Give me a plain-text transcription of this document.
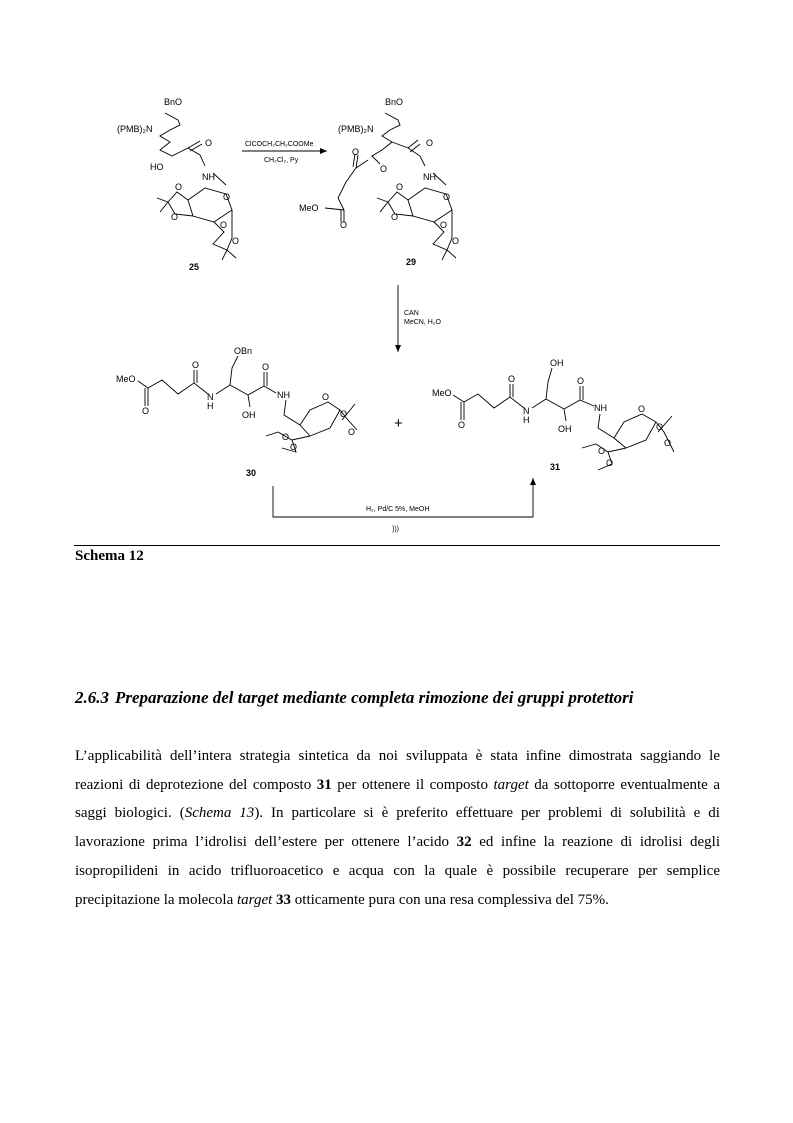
BnO
(PMB)₂N
O
HO
NH
O
O
O
O
O
25
ClCOCH₂CH₂COOMe
CH₂Cl₂, Py
BnO
(PMB)₂N
O
O
O
NH
O
O
MeO
O
O	O
O
29
CAN
MeCN, H₂O
OBn
O	O
MeO
NH
N
H
O
O	O
OH
O
O
O
30
+
OH
O	O
MeO
NH
N
H
O
O	O
OH
O
O
O
31
H₂, Pd/C 5%, MeOH
)))
Schema 12
2.6.3 Preparazione del target mediante completa rimozione dei gruppi protettori

L’applicabilità dell’intera strategia sintetica da noi sviluppata è stata infine dimostrata saggiando le reazioni di deprotezione del composto 31 per ottenere il composto target da sottoporre eventualmente a saggi biologici. (Schema 13). In particolare si è preferito effettuare per problemi di solubilità e di lavorazione prima l’idrolisi dell’estere per ottenere l’acido 32 ed infine la reazione di idrolisi degli isopropilideni in acido trifluoroacetico e acqua con la quale è possibile recuperare per semplice precipitazione la molecola target 33 otticamente pura con una resa complessiva del 75%.
